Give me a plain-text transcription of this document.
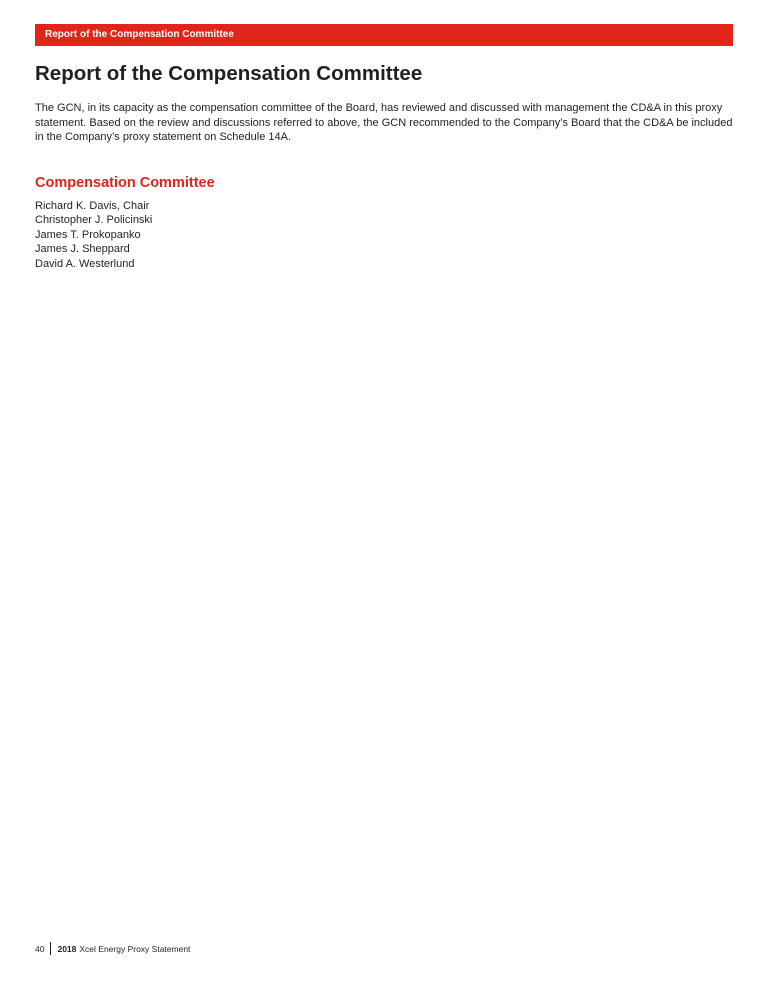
Report of the Compensation Committee
Report of the Compensation Committee

The GCN, in its capacity as the compensation committee of the Board, has reviewed and discussed with management the CD&A in this proxy statement. Based on the review and discussions referred to above, the GCN recommended to the Company’s Board that the CD&A be included in the Company’s proxy statement on Schedule 14A.

Compensation Committee
Richard K. Davis, Chair
Christopher J. Policinski
James T. Prokopanko
James J. Sheppard
David A. Westerlund
40 2018 Xcel Energy Proxy Statement
